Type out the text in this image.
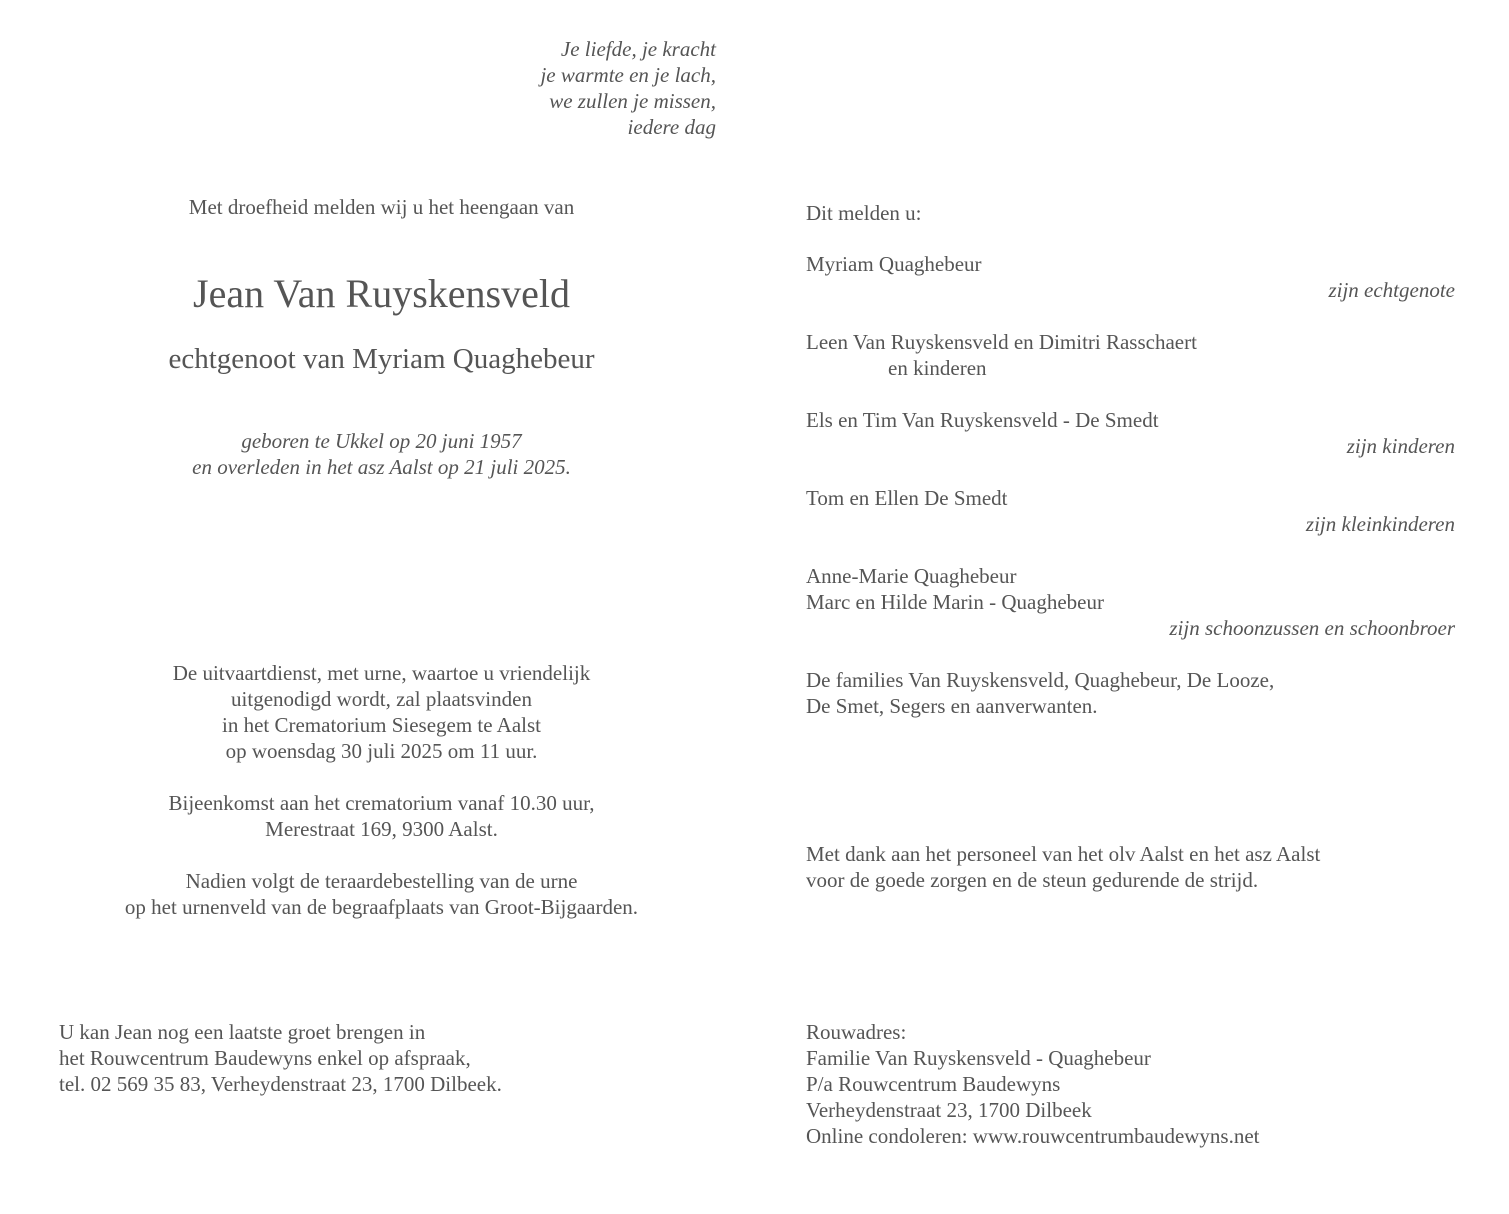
Je liefde, je kracht
je warmte en je lach,
we zullen je missen,
iedere dag
Met droefheid melden wij u het heengaan van
Jean Van Ruyskensveld
echtgenoot van Myriam Quaghebeur
geboren te Ukkel op 20 juni 1957
en overleden in het asz Aalst op 21 juli 2025.
De uitvaartdienst, met urne, waartoe u vriendelijk
uitgenodigd wordt, zal plaatsvinden
in het Crematorium Siesegem te Aalst
op woensdag 30 juli 2025 om 11 uur.
Bijeenkomst aan het crematorium vanaf 10.30 uur,
Merestraat 169, 9300 Aalst.
Nadien volgt de teraardebestelling van de urne
op het urnenveld van de begraafplaats van Groot-Bijgaarden.
U kan Jean nog een laatste groet brengen in
het Rouwcentrum Baudewyns enkel op afspraak,
tel. 02 569 35 83, Verheydenstraat 23, 1700 Dilbeek.
Dit melden u:
Myriam Quaghebeur
zijn echtgenote
Leen Van Ruyskensveld en Dimitri Rasschaert
en kinderen
Els en Tim Van Ruyskensveld - De Smedt
zijn kinderen
Tom en Ellen De Smedt
zijn kleinkinderen
Anne-Marie Quaghebeur
Marc en Hilde Marin - Quaghebeur
zijn schoonzussen en schoonbroer
De families Van Ruyskensveld, Quaghebeur, De Looze,
De Smet, Segers en aanverwanten.
Met dank aan het personeel van het olv Aalst en het asz Aalst
voor de goede zorgen en de steun gedurende de strijd.
Rouwadres:
Familie Van Ruyskensveld - Quaghebeur
P/a Rouwcentrum Baudewyns
Verheydenstraat 23, 1700 Dilbeek
Online condoleren: www.rouwcentrumbaudewyns.net
